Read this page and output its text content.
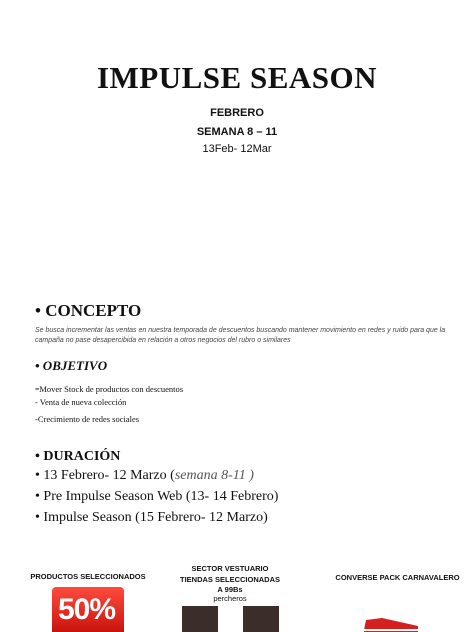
IMPULSE SEASON
FEBRERO
SEMANA 8 – 11
13Feb- 12Mar
• CONCEPTO
Se busca incrementar las ventas en nuestra temporada de descuentos buscando mantener movimiento en redes y ruido para que la campaña no pase desapercibida en relación a otros negocios del rubro o similares
• OBJETIVO
- Mover Stock de productos con descuentos
- Venta de nueva colección
-Crecimiento de redes sociales
• DURACIÓN
• 13 Febrero- 12 Marzo (semana 8-11 )
• Pre Impulse Season Web (13- 14 Febrero)
• Impulse Season (15 Febrero- 12 Marzo)
PRODUCTOS SELECCIONADOS
SECTOR VESTUARIO
TIENDAS SELECCIONADAS
A 99Bs
percheros
CONVERSE PACK CARNAVALERO
50%
